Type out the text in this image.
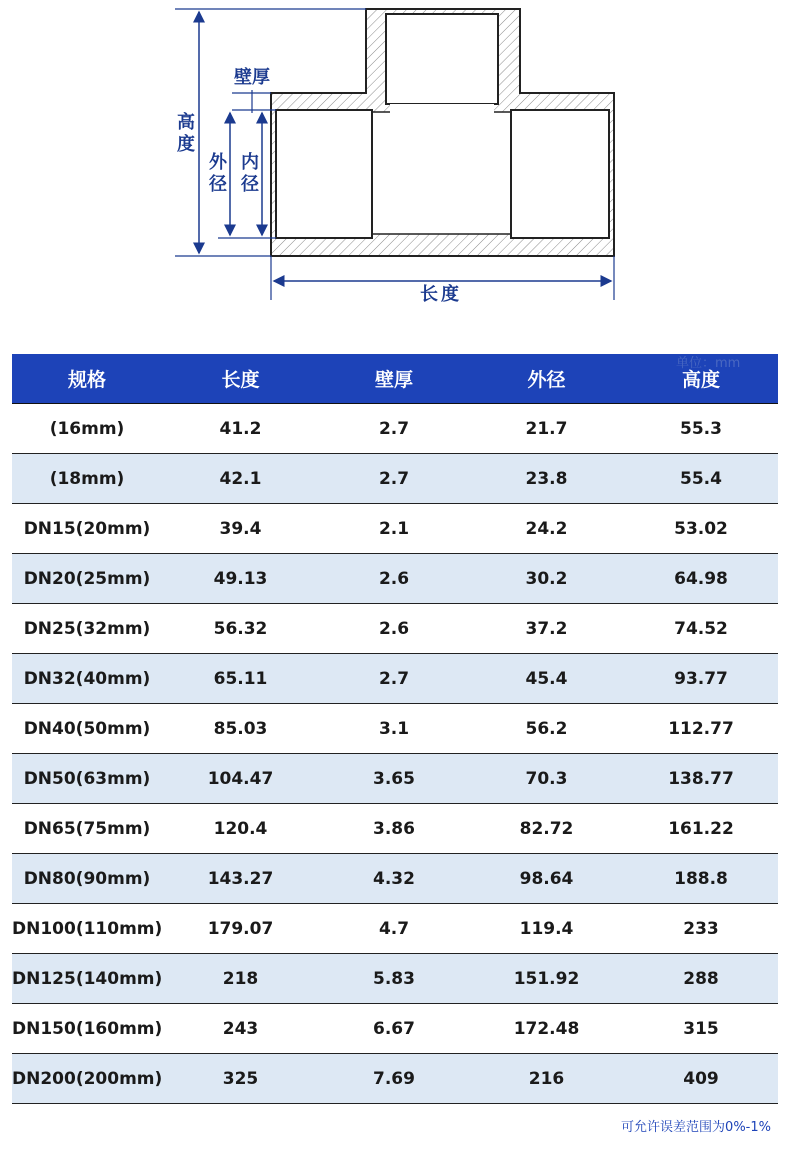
壁厚
高度
外径
内径
长度
规格	长度	壁厚	外径	高度
(16mm)	41.2	2.7	21.7	55.3
(18mm)	42.1	2.7	23.8	55.4
DN15(20mm)	39.4	2.1	24.2	53.02
DN20(25mm)	49.13	2.6	30.2	64.98
DN25(32mm)	56.32	2.6	37.2	74.52
DN32(40mm)	65.11	2.7	45.4	93.77
DN40(50mm)	85.03	3.1	56.2	112.77
DN50(63mm)	104.47	3.65	70.3	138.77
DN65(75mm)	120.4	3.86	82.72	161.22
DN80(90mm)	143.27	4.32	98.64	188.8
DN100(110mm)	179.07	4.7	119.4	233
DN125(140mm)	218	5.83	151.92	288
DN150(160mm)	243	6.67	172.48	315
DN200(200mm)	325	7.69	216	409
单位：mm
可允许误差范围为0%-1%
